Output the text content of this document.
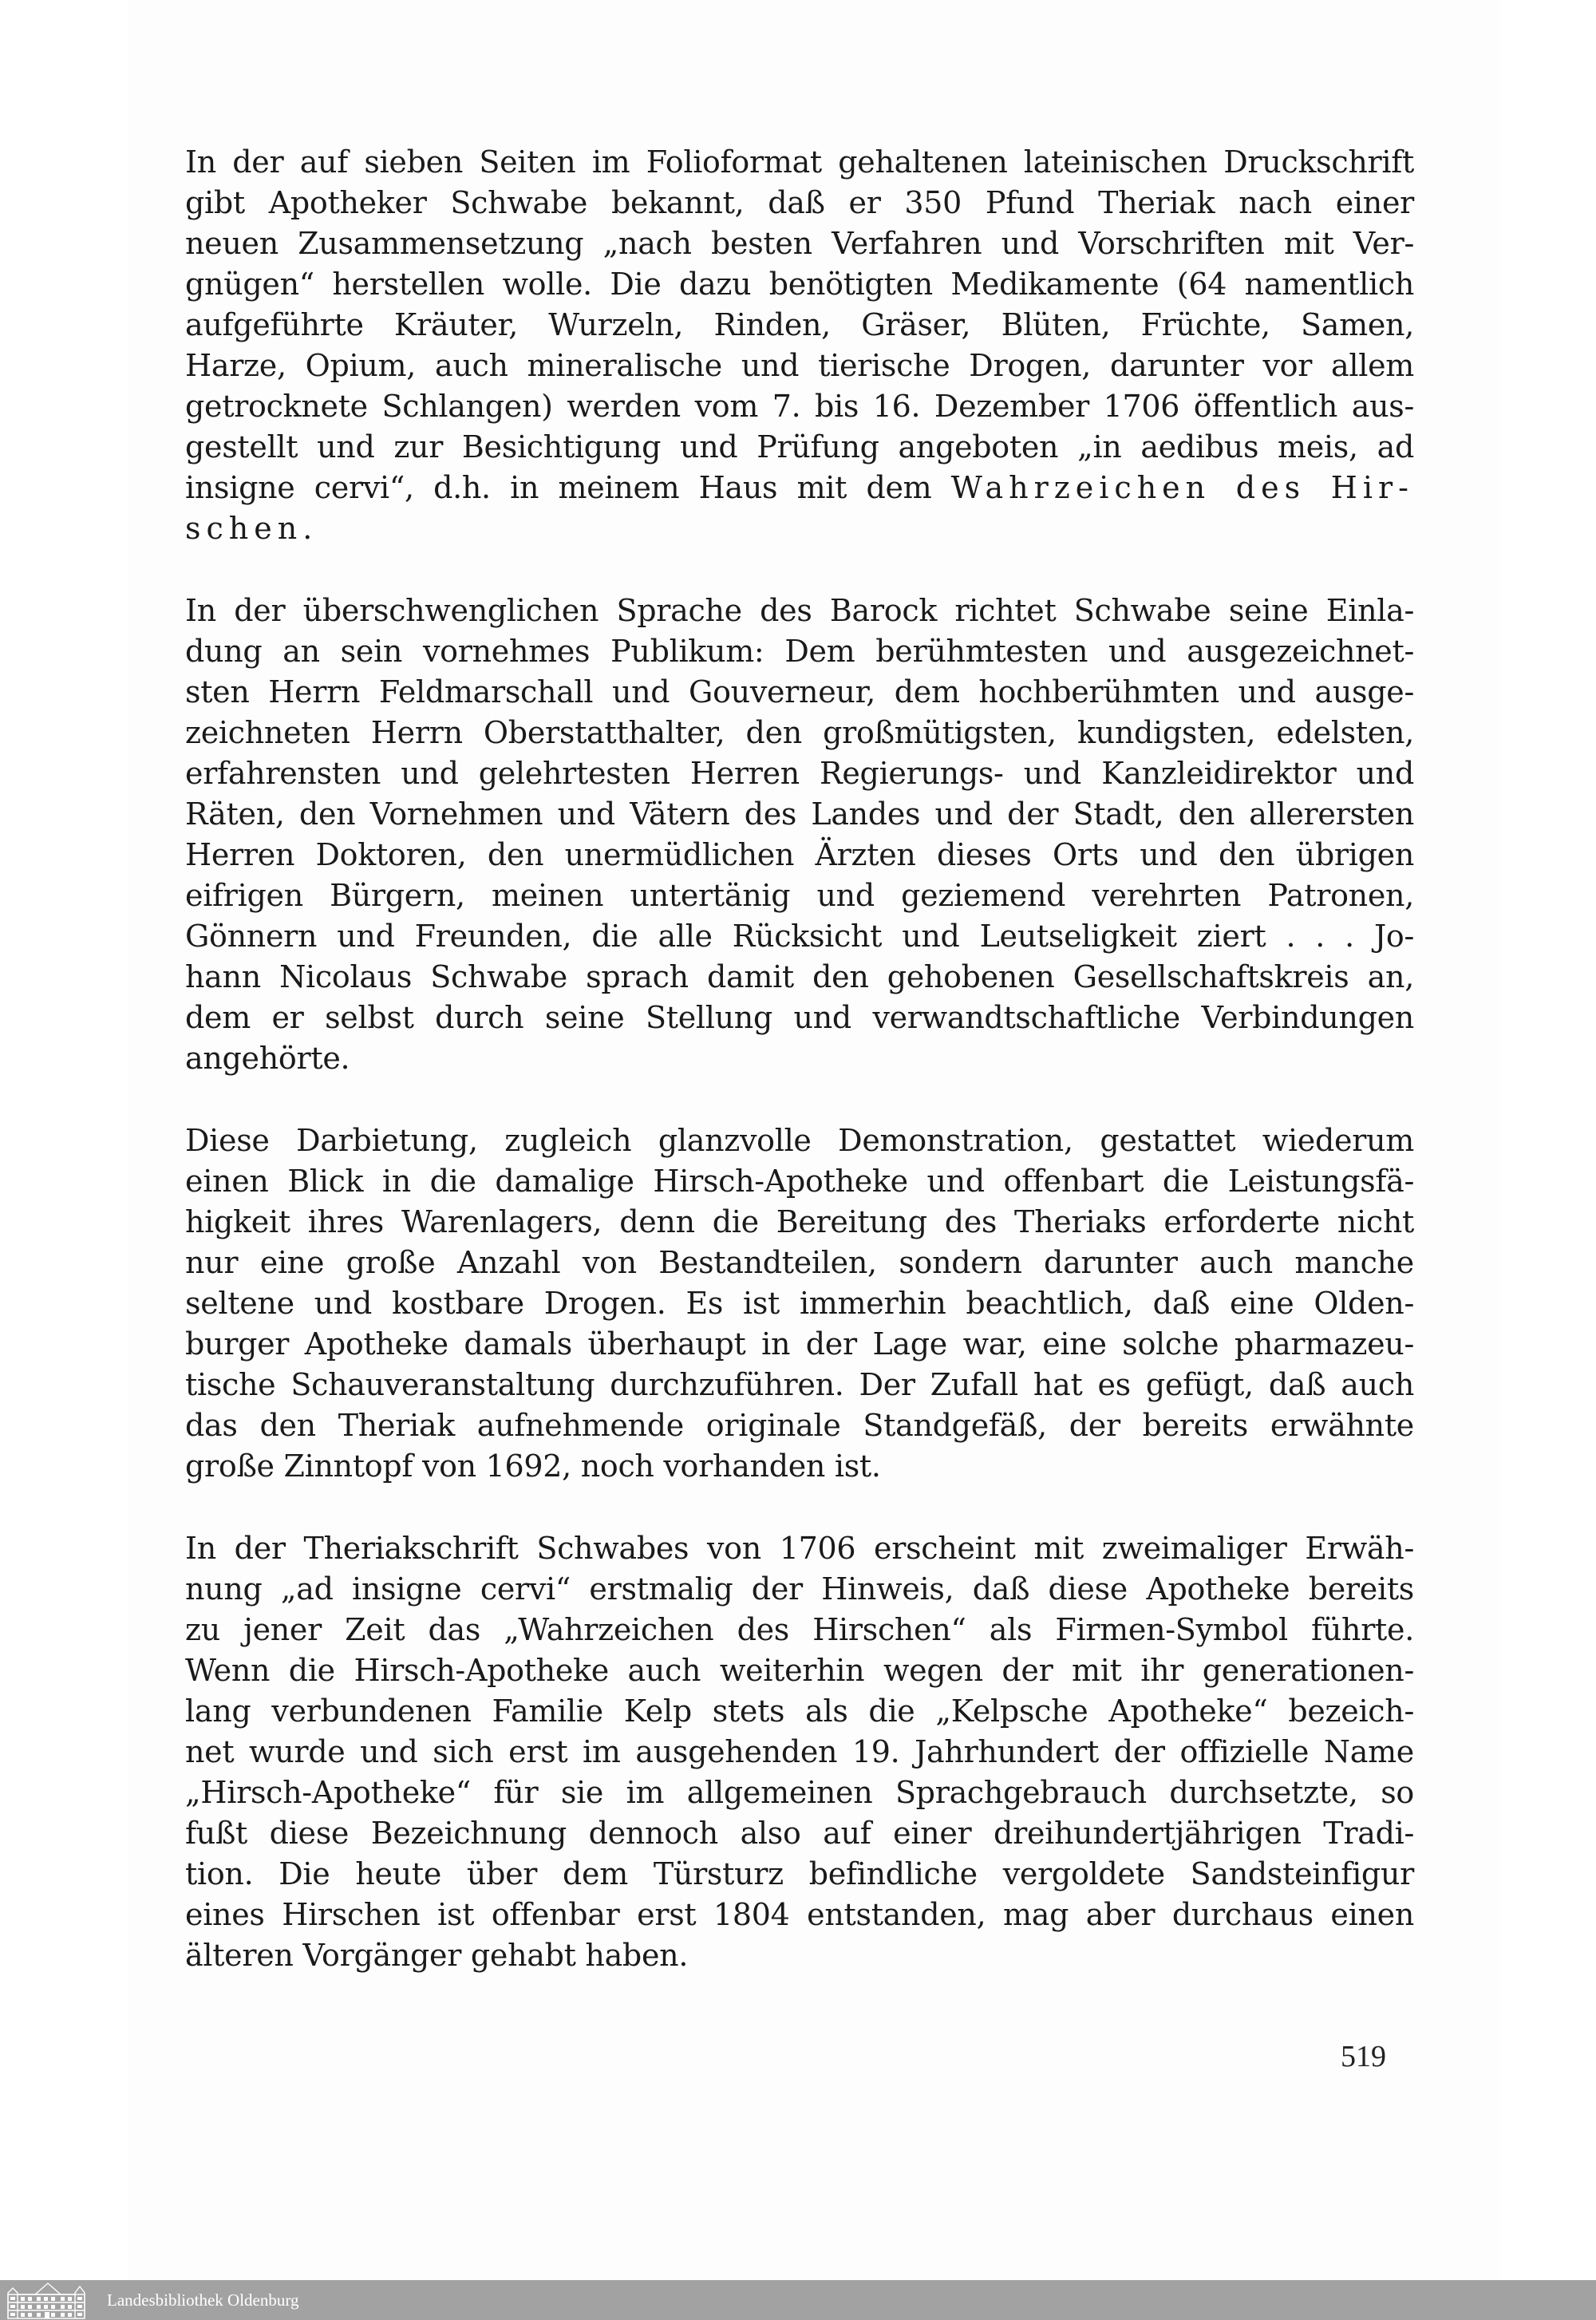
In der auf sieben Seiten im Folioformat gehaltenen lateinischen Druckschrift
gibt Apotheker Schwabe bekannt, daß er 350 Pfund Theriak nach einer
neuen Zusammensetzung „nach besten Verfahren und Vorschriften mit Ver-
gnügen“ herstellen wolle. Die dazu benötigten Medikamente (64 namentlich
aufgeführte Kräuter, Wurzeln, Rinden, Gräser, Blüten, Früchte, Samen,
Harze, Opium, auch mineralische und tierische Drogen, darunter vor allem
getrocknete Schlangen) werden vom 7. bis 16. Dezember 1706 öffentlich aus-
gestellt und zur Besichtigung und Prüfung angeboten „in aedibus meis, ad
insigne cervi“, d.h. in meinem Haus mit dem Wahrzeichen des Hir-
schen.
In der überschwenglichen Sprache des Barock richtet Schwabe seine Einla-
dung an sein vornehmes Publikum: Dem berühmtesten und ausgezeichnet-
sten Herrn Feldmarschall und Gouverneur, dem hochberühmten und ausge-
zeichneten Herrn Oberstatthalter, den großmütigsten, kundigsten, edelsten,
erfahrensten und gelehrtesten Herren Regierungs- und Kanzleidirektor und
Räten, den Vornehmen und Vätern des Landes und der Stadt, den allerersten
Herren Doktoren, den unermüdlichen Ärzten dieses Orts und den übrigen
eifrigen Bürgern, meinen untertänig und geziemend verehrten Patronen,
Gönnern und Freunden, die alle Rücksicht und Leutseligkeit ziert . . . Jo-
hann Nicolaus Schwabe sprach damit den gehobenen Gesellschaftskreis an,
dem er selbst durch seine Stellung und verwandtschaftliche Verbindungen
angehörte.
Diese Darbietung, zugleich glanzvolle Demonstration, gestattet wiederum
einen Blick in die damalige Hirsch-Apotheke und offenbart die Leistungsfä-
higkeit ihres Warenlagers, denn die Bereitung des Theriaks erforderte nicht
nur eine große Anzahl von Bestandteilen, sondern darunter auch manche
seltene und kostbare Drogen. Es ist immerhin beachtlich, daß eine Olden-
burger Apotheke damals überhaupt in der Lage war, eine solche pharmazeu-
tische Schauveranstaltung durchzuführen. Der Zufall hat es gefügt, daß auch
das den Theriak aufnehmende originale Standgefäß, der bereits erwähnte
große Zinntopf von 1692, noch vorhanden ist.
In der Theriakschrift Schwabes von 1706 erscheint mit zweimaliger Erwäh-
nung „ad insigne cervi“ erstmalig der Hinweis, daß diese Apotheke bereits
zu jener Zeit das „Wahrzeichen des Hirschen“ als Firmen-Symbol führte.
Wenn die Hirsch-Apotheke auch weiterhin wegen der mit ihr generationen-
lang verbundenen Familie Kelp stets als die „Kelpsche Apotheke“ bezeich-
net wurde und sich erst im ausgehenden 19. Jahrhundert der offizielle Name
„Hirsch-Apotheke“ für sie im allgemeinen Sprachgebrauch durchsetzte, so
fußt diese Bezeichnung dennoch also auf einer dreihundertjährigen Tradi-
tion. Die heute über dem Türsturz befindliche vergoldete Sandsteinfigur
eines Hirschen ist offenbar erst 1804 entstanden, mag aber durchaus einen
älteren Vorgänger gehabt haben.
519
Landesbibliothek Oldenburg
